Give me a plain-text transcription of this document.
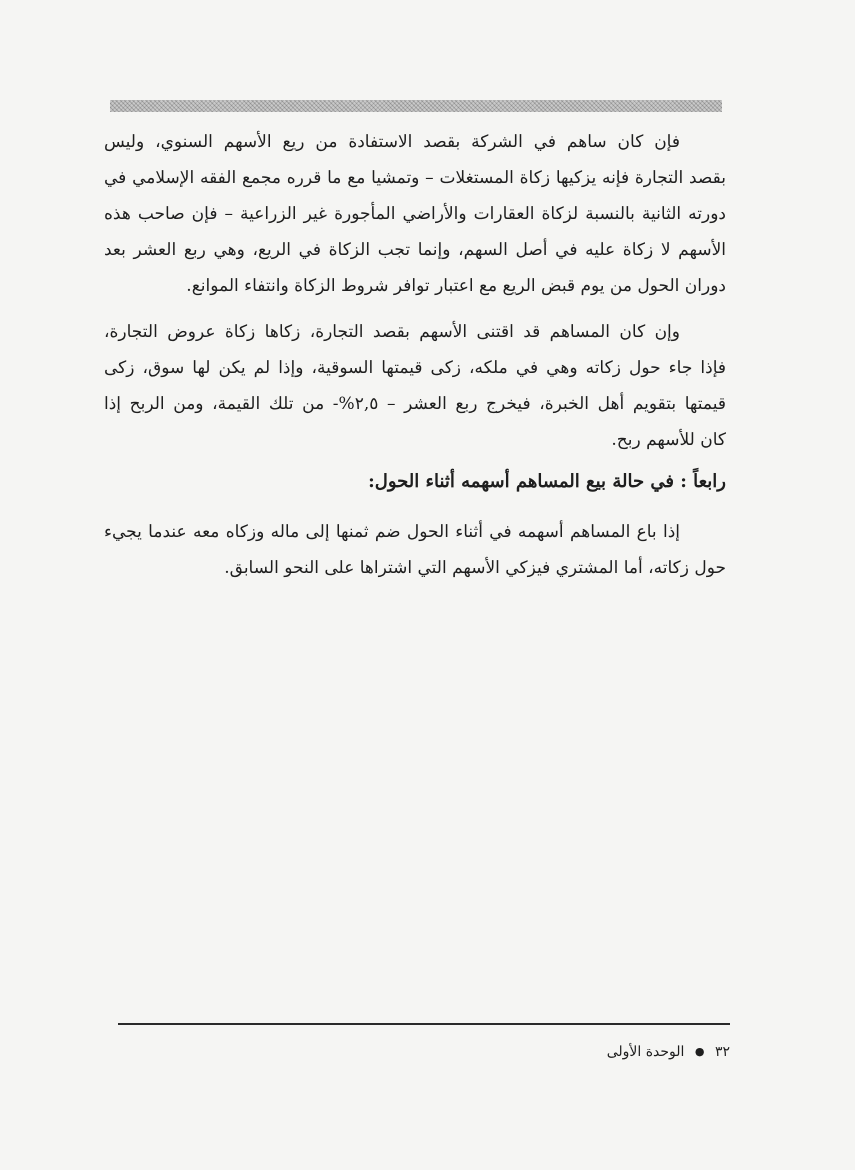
فإن كان ساهم في الشركة بقصد الاستفادة من ريع الأسهم السنوي، وليس
بقصد التجارة فإنه يزكيها زكاة المستغلات – وتمشيا مع ما قرره مجمع الفقه الإسلامي في
دورته الثانية بالنسبة لزكاة العقارات والأراضي المأجورة غير الزراعية – فإن صاحب هذه
الأسهم لا زكاة عليه في أصل السهم، وإنما تجب الزكاة في الريع، وهي ربع العشر بعد
دوران الحول من يوم قبض الريع مع اعتبار توافر شروط الزكاة وانتفاء الموانع.

وإن كان المساهم قد اقتنى الأسهم بقصد التجارة، زكاها زكاة عروض التجارة،
فإذا جاء حول زكاته وهي في ملكه، زكى قيمتها السوقية، وإذا لم يكن لها سوق، زكى
قيمتها بتقويم أهل الخبرة، فيخرج ربع العشر – ٢,٥%- من تلك القيمة، ومن الربح إذا
كان للأسهم ربح.

رابعاً : في حالة بيع المساهم أسهمه أثناء الحول:

إذا باع المساهم أسهمه في أثناء الحول ضم ثمنها إلى ماله وزكاه معه عندما يجيء
حول زكاته، أما المشتري فيزكي الأسهم التي اشتراها على النحو السابق.

٣٢ ● الوحدة الأولى
